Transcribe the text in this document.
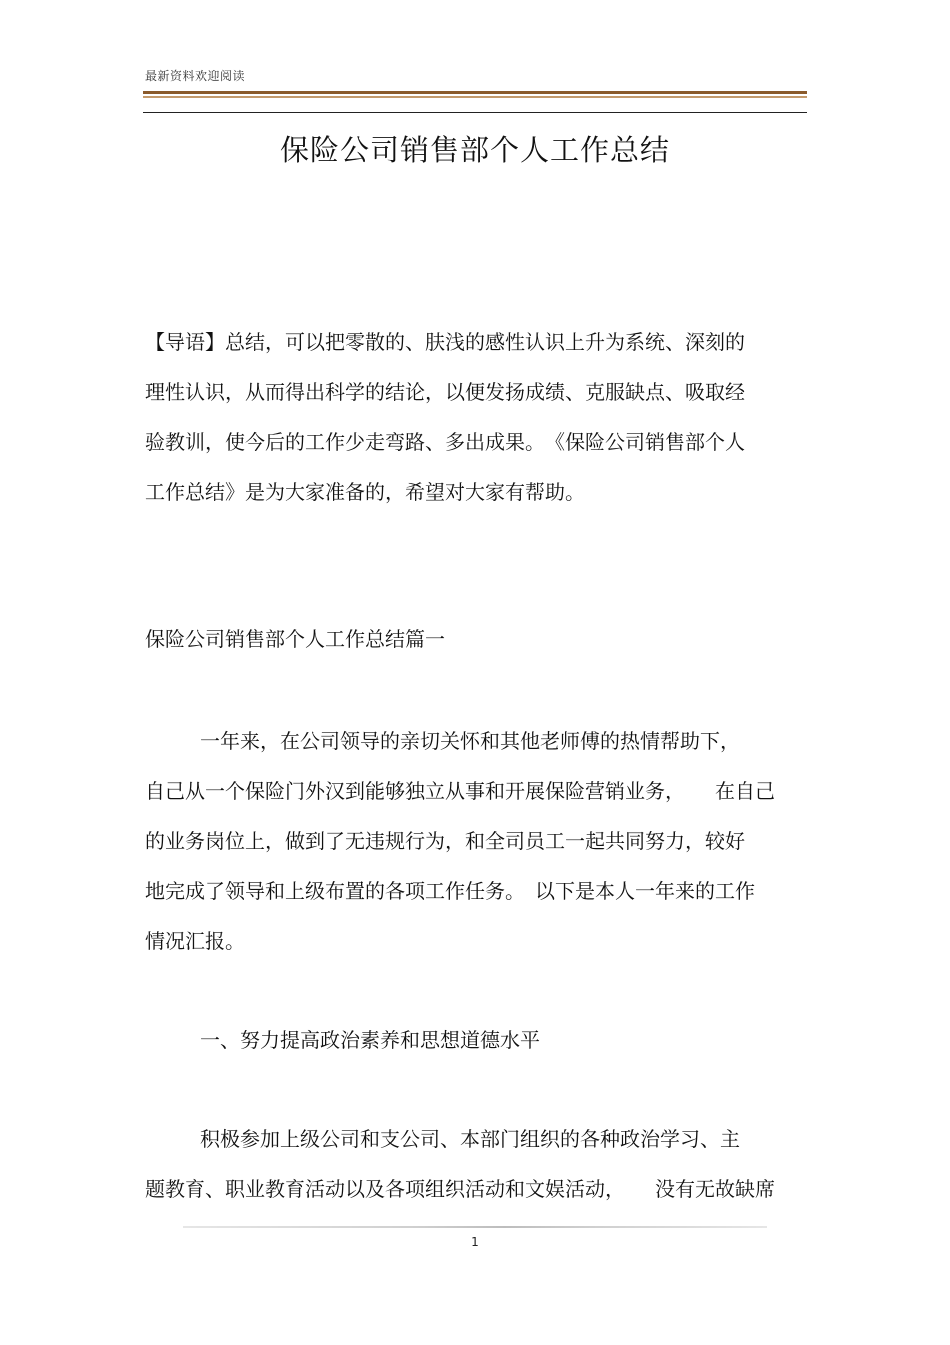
最新资料欢迎阅读
保险公司销售部个人工作总结

【导语】总结，可以把零散的、肤浅的感性认识上升为系统、深刻的
理性认识，从而得出科学的结论，以便发扬成绩、克服缺点、吸取经
验教训，使今后的工作少走弯路、多出成果。　《保险公司销售部个人
工作总结》是为大家准备的，希望对大家有帮助。

保险公司销售部个人工作总结篇一

一年来，在公司领导的亲切关怀和其他老师傅的热情帮助下，
自己从一个保险门外汉到能够独立从事和开展保险营销业务，　　在自己
的业务岗位上，做到了无违规行为，和全司员工一起共同努力，较好
地完成了领导和上级布置的各项工作任务。　以下是本人一年来的工作
情况汇报。

一、努力提高政治素养和思想道德水平

积极参加上级公司和支公司、本部门组织的各种政治学习、主
题教育、职业教育活动以及各项组织活动和文娱活动，　　没有无故缺席

1
